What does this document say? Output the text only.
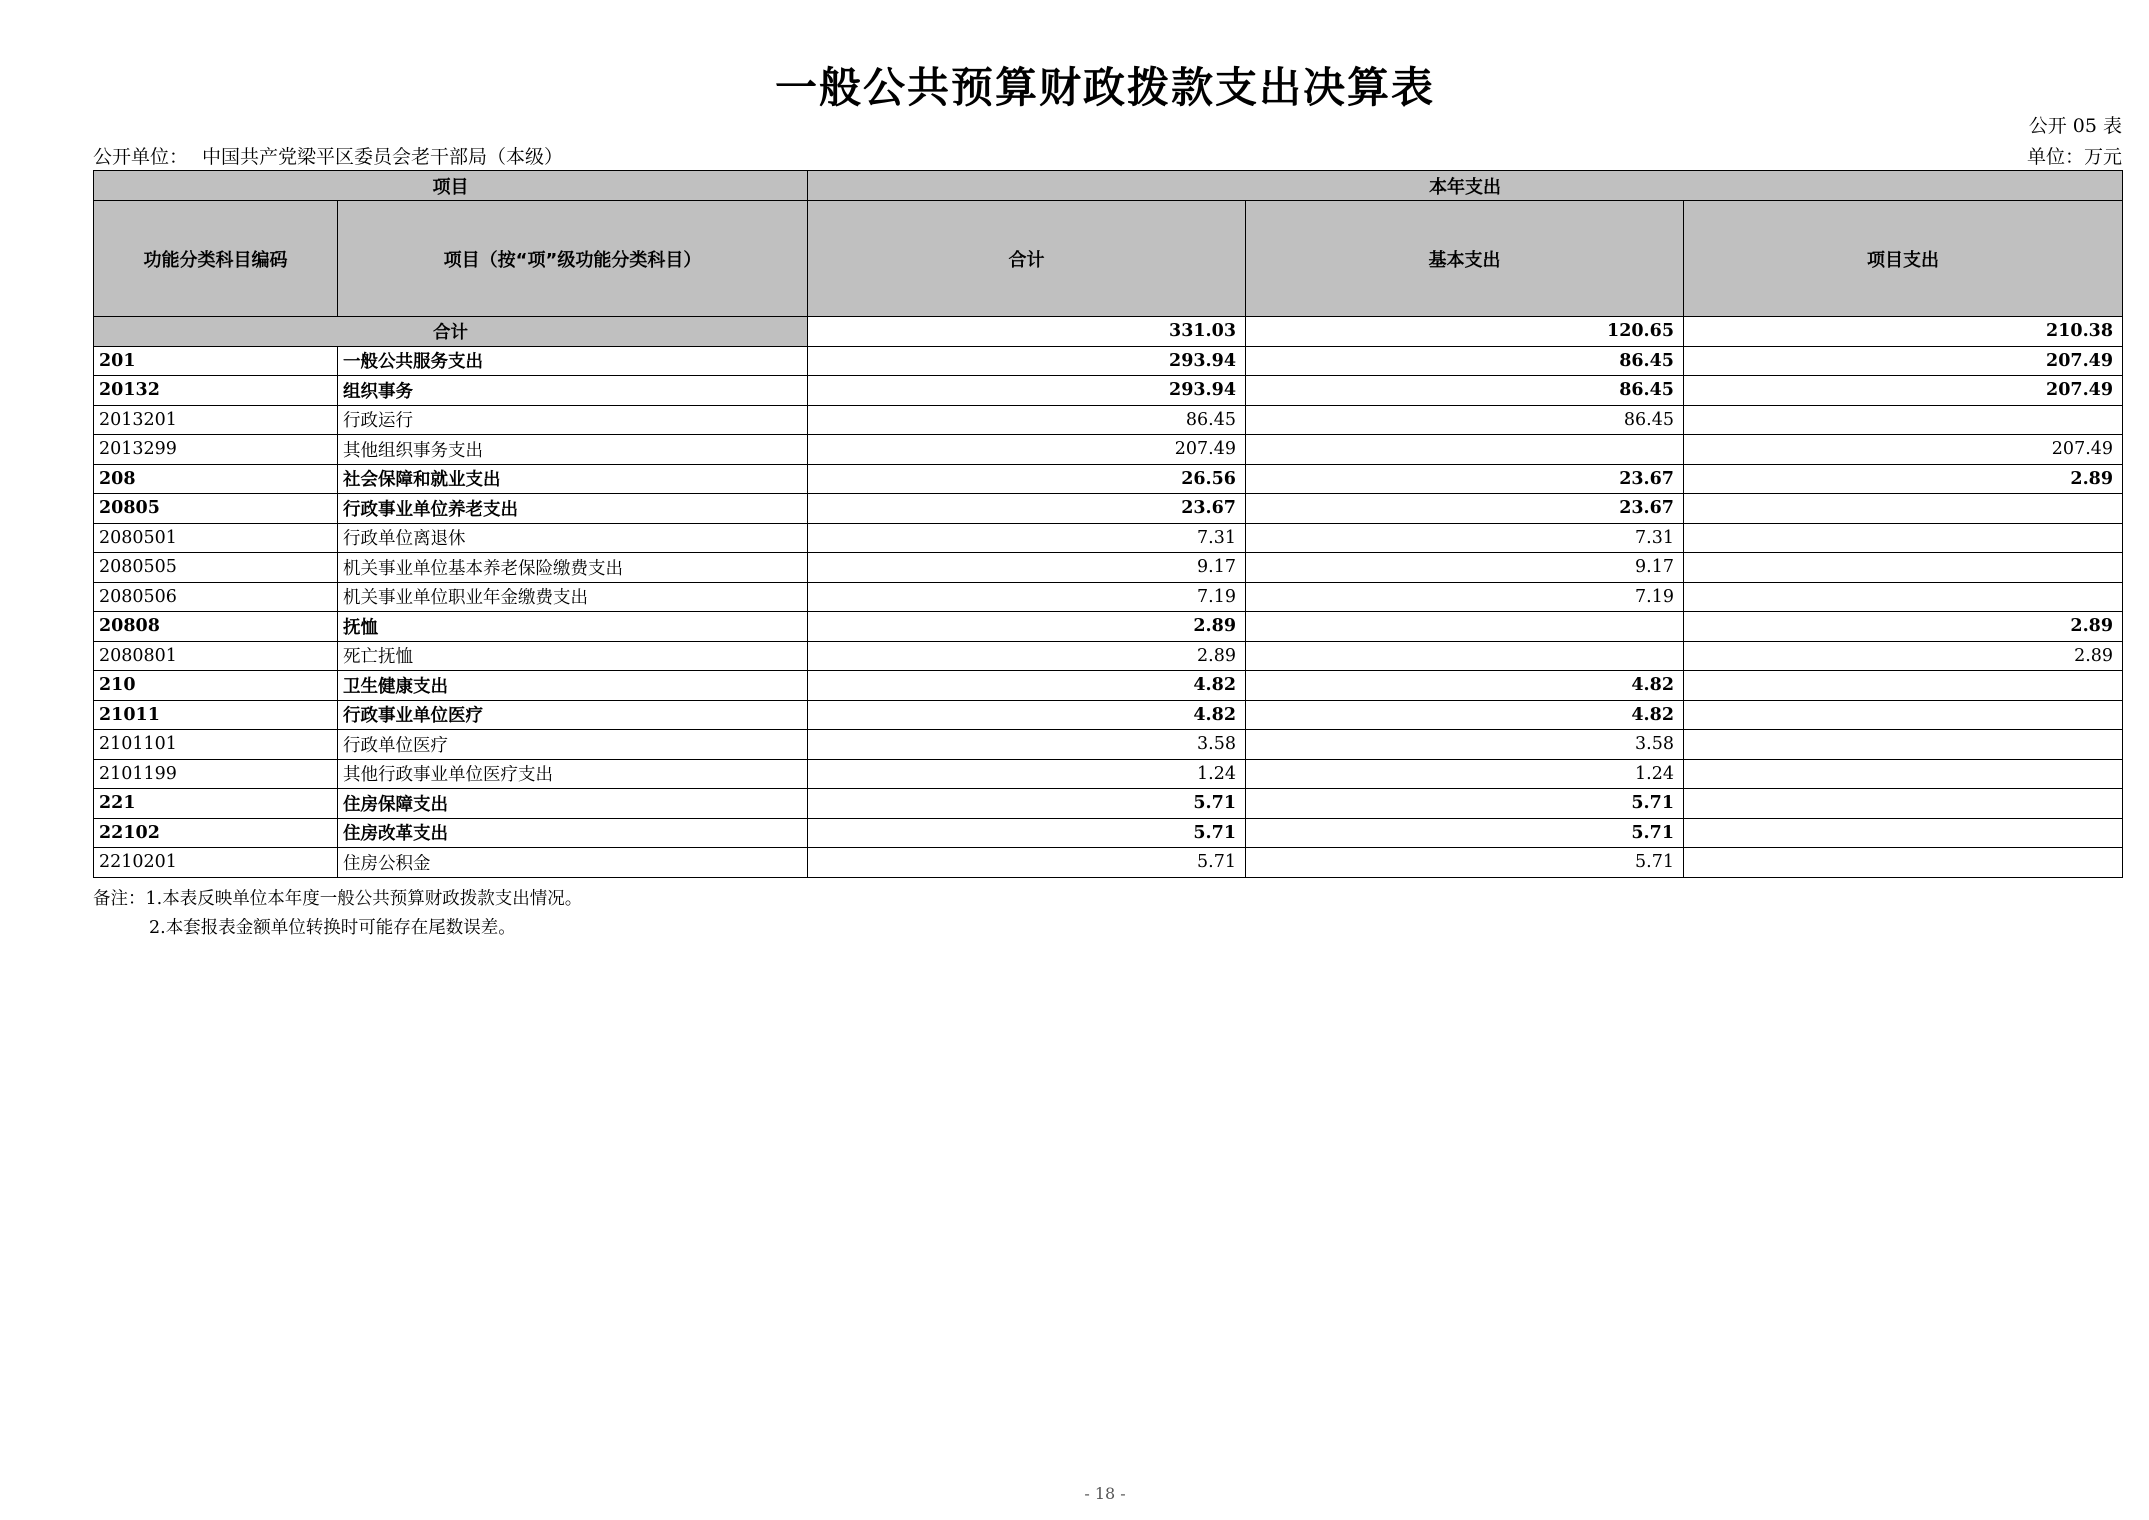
一般公共预算财政拨款支出决算表
公开 05 表
公开单位： 中国共产党梁平区委员会老干部局（本级）	单位：万元
项目		本年支出		
功能分类科目编码	项目（按“项”级功能分类科目）	合计	基本支出	项目支出
合计		331.03	120.65	210.38
201	一般公共服务支出	293.94	86.45	207.49
20132	组织事务	293.94	86.45	207.49
2013201	行政运行	86.45	86.45	
2013299	其他组织事务支出	207.49		207.49
208	社会保障和就业支出	26.56	23.67	2.89
20805	行政事业单位养老支出	23.67	23.67	
2080501	行政单位离退休	7.31	7.31	
2080505	机关事业单位基本养老保险缴费支出	9.17	9.17	
2080506	机关事业单位职业年金缴费支出	7.19	7.19	
20808	抚恤	2.89		2.89
2080801	死亡抚恤	2.89		2.89
210	卫生健康支出	4.82	4.82	
21011	行政事业单位医疗	4.82	4.82	
2101101	行政单位医疗	3.58	3.58	
2101199	其他行政事业单位医疗支出	1.24	1.24	
221	住房保障支出	5.71	5.71	
22102	住房改革支出	5.71	5.71	
2210201	住房公积金	5.71	5.71	
备注：1.本表反映单位本年度一般公共预算财政拨款支出情况。
2.本套报表金额单位转换时可能存在尾数误差。
- 18 -
